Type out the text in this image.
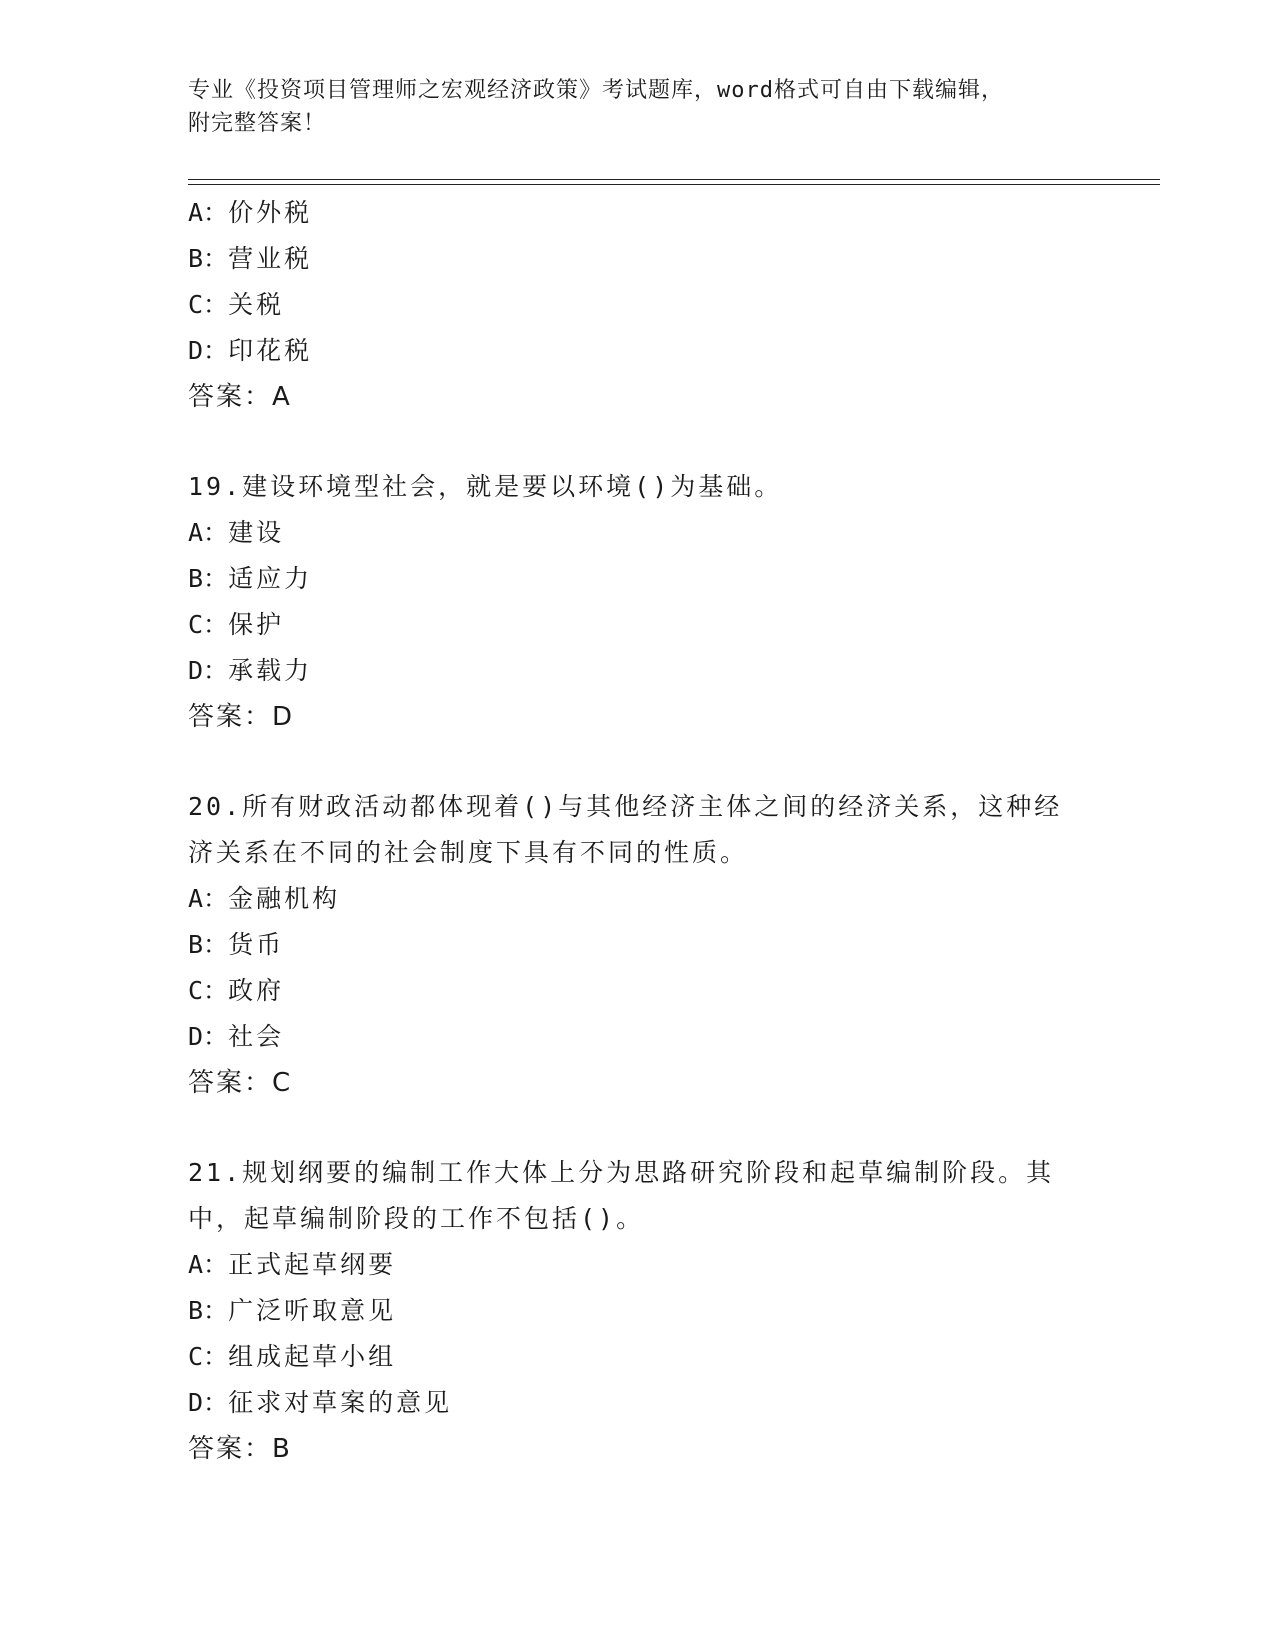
专业《投资项目管理师之宏观经济政策》考试题库，word格式可自由下载编辑，
附完整答案！
A：价外税
B：营业税
C：关税
D：印花税
答案：A
19.建设环境型社会，就是要以环境()为基础。
A：建设
B：适应力
C：保护
D：承载力
答案：D
20.所有财政活动都体现着()与其他经济主体之间的经济关系，这种经济关系在不同的社会制度下具有不同的性质。
A：金融机构
B：货币
C：政府
D：社会
答案：C
21.规划纲要的编制工作大体上分为思路研究阶段和起草编制阶段。其中，起草编制阶段的工作不包括()。
A：正式起草纲要
B：广泛听取意见
C：组成起草小组
D：征求对草案的意见
答案：B
